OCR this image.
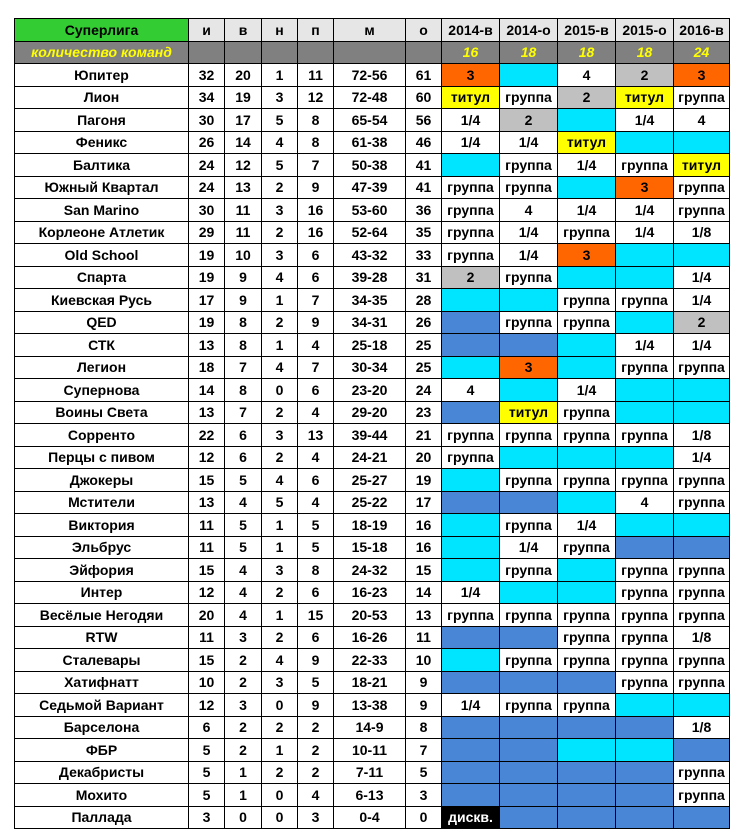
Суперлига	и	в	н	п	м	о	2014-в	2014-о	2015-в	2015-о	2016-в
количество команд							16	18	18	18	24
Юпитер	32	20	1	11	72-56	61	3		4	2	3
Лион	34	19	3	12	72-48	60	титул	группа	2	титул	группа
Пагоня	30	17	5	8	65-54	56	1/4	2		1/4	4
Феникс	26	14	4	8	61-38	46	1/4	1/4	титул		
Балтика	24	12	5	7	50-38	41		группа	1/4	группа	титул
Южный Квартал	24	13	2	9	47-39	41	группа	группа		3	группа
San Marino	30	11	3	16	53-60	36	группа	4	1/4	1/4	группа
Корлеоне Атлетик	29	11	2	16	52-64	35	группа	1/4	группа	1/4	1/8
Old School	19	10	3	6	43-32	33	группа	1/4	3		
Спарта	19	9	4	6	39-28	31	2	группа			1/4
Киевская Русь	17	9	1	7	34-35	28			группа	группа	1/4
QED	19	8	2	9	34-31	26		группа	группа		2
СТК	13	8	1	4	25-18	25				1/4	1/4
Легион	18	7	4	7	30-34	25		3		группа	группа
Супернова	14	8	0	6	23-20	24	4		1/4		
Воины Света	13	7	2	4	29-20	23		титул	группа		
Сорренто	22	6	3	13	39-44	21	группа	группа	группа	группа	1/8
Перцы с пивом	12	6	2	4	24-21	20	группа				1/4
Джокеры	15	5	4	6	25-27	19		группа	группа	группа	группа
Мстители	13	4	5	4	25-22	17				4	группа
Виктория	11	5	1	5	18-19	16		группа	1/4		
Эльбрус	11	5	1	5	15-18	16		1/4	группа		
Эйфория	15	4	3	8	24-32	15		группа		группа	группа
Интер	12	4	2	6	16-23	14	1/4			группа	группа
Весёлые Негодяи	20	4	1	15	20-53	13	группа	группа	группа	группа	группа
RTW	11	3	2	6	16-26	11			группа	группа	1/8
Сталевары	15	2	4	9	22-33	10		группа	группа	группа	группа
Хатифнатт	10	2	3	5	18-21	9				группа	группа
Седьмой Вариант	12	3	0	9	13-38	9	1/4	группа	группа		
Барселона	6	2	2	2	14-9	8					1/8
ФБР	5	2	1	2	10-11	7					
Декабристы	5	1	2	2	7-11	5					группа
Мохито	5	1	0	4	6-13	3					группа
Паллада	3	0	0	3	0-4	0	дискв.				
